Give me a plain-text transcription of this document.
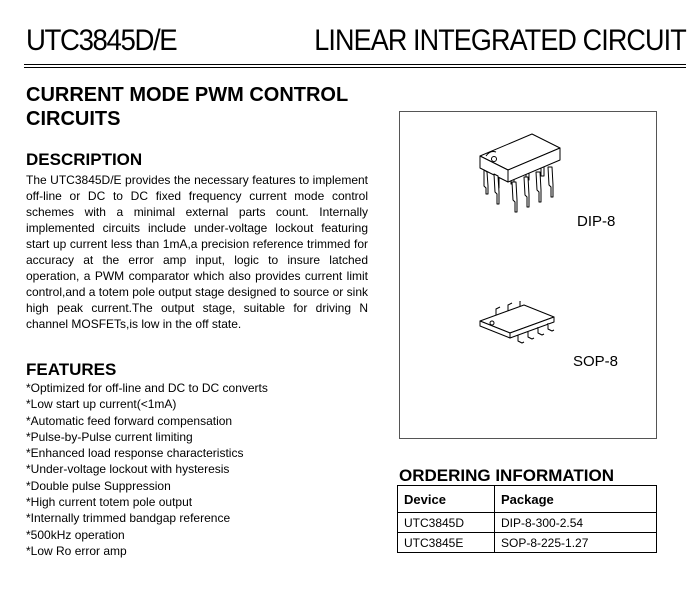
UTC3845D/E	LINEAR INTEGRATED CIRCUIT
CURRENT MODE PWM CONTROL
CIRCUITS
DESCRIPTION
The UTC3845D/E provides the necessary features to implement off-line or DC to DC fixed frequency current mode control schemes with a minimal external parts count. Internally implemented circuits include under-voltage lockout featuring start up current less than 1mA,a precision reference trimmed for accuracy at the error amp input, logic to insure latched operation, a PWM comparator which also provides current limit control,and a totem pole output stage designed to source or sink high peak current.The output stage, suitable for driving N channel MOSFETs,is low in the off state.
FEATURES
*Optimized for off-line and DC to DC converts
*Low start up current(<1mA)
*Automatic feed forward compensation
*Pulse-by-Pulse current limiting
*Enhanced load response characteristics
*Under-voltage lockout with hysteresis
*Double pulse Suppression
*High current totem pole output
*Internally trimmed bandgap reference
*500kHz operation
*Low Ro error amp
DIP-8
SOP-8
ORDERING INFORMATION
Device	Package
UTC3845D	DIP-8-300-2.54
UTC3845E	SOP-8-225-1.27
